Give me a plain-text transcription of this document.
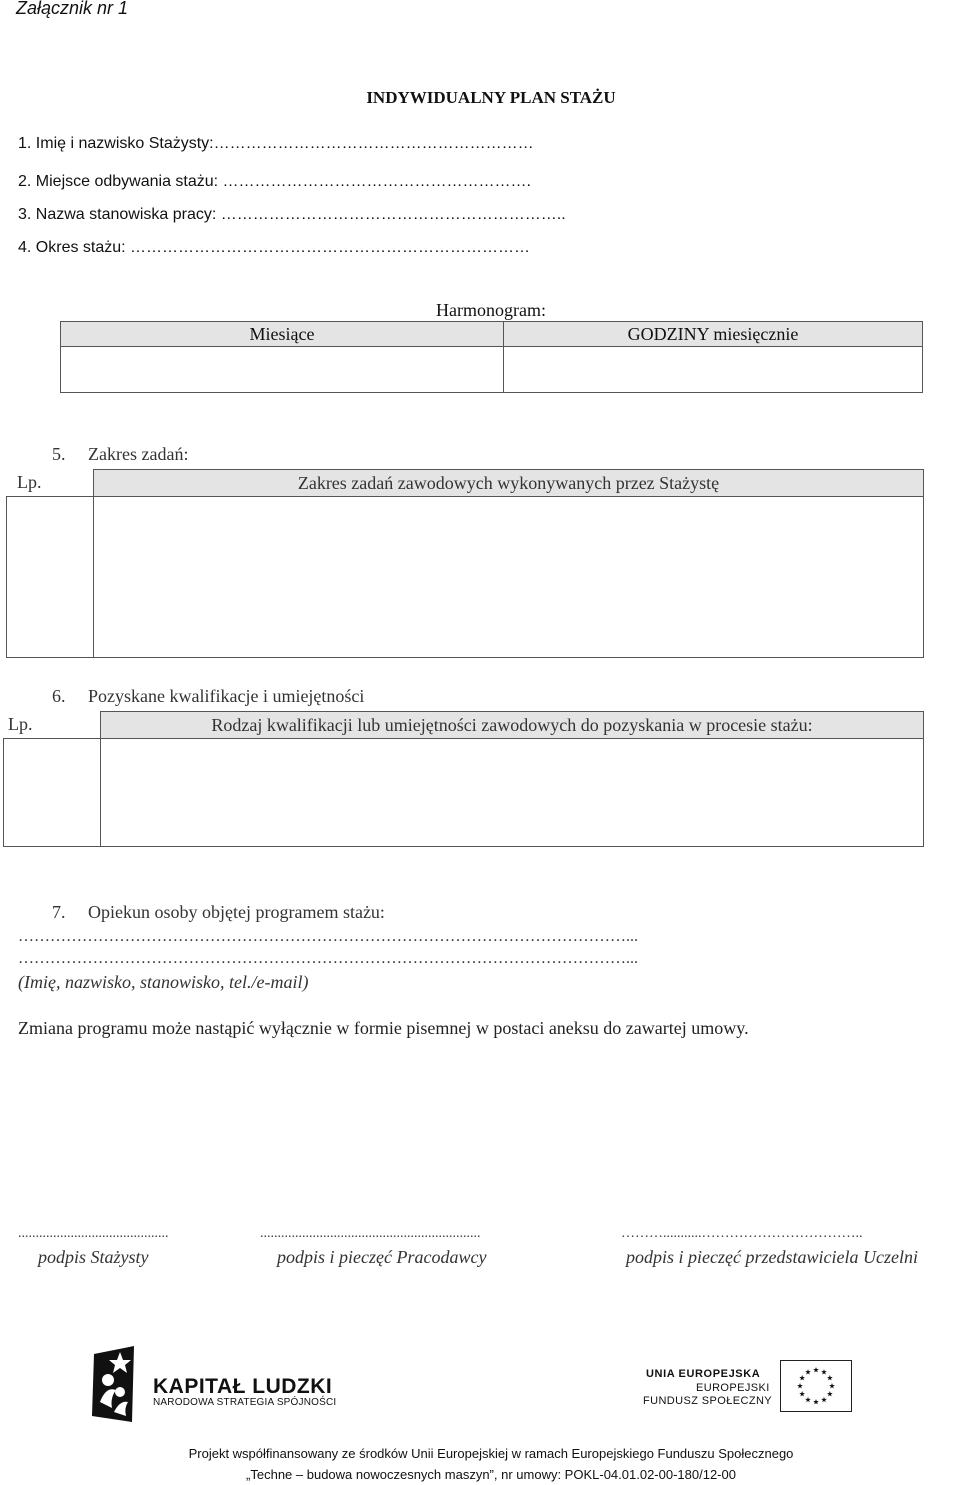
Załącznik nr 1
INDYWIDUALNY PLAN STAŻU
1. Imię i nazwisko Stażysty:……………………………………………………
2. Miejsce odbywania stażu: ………………………………………………….
3. Nazwa stanowiska pracy: ………………………………………………………..
4. Okres stażu: …………………………………………………………………
Harmonogram:
Miesiące	GODZINY miesięcznie
5. Zakres zadań:
Lp.	Zakres zadań zawodowych wykonywanych przez Stażystę
6. Pozyskane kwalifikacje i umiejętności
Lp.	Rodzaj kwalifikacji lub umiejętności zawodowych do pozyskania w procesie stażu:
7. Opiekun osoby objętej programem stażu:
……………………………………………………………………………………………………...
……………………………………………………………………………………………………...
(Imię, nazwisko, stanowisko, tel./e-mail)
Zmiana programu może nastąpić wyłącznie w formie pisemnej w postaci aneksu do zawartej umowy.
...........................................
podpis Stażysty
...............................................................
podpis i pieczęć Pracodawcy
………...........……………………………..
podpis i pieczęć przedstawiciela Uczelni
KAPITAŁ LUDZKI
NARODOWA STRATEGIA SPÓJNOŚCI
UNIA EUROPEJSKA
EUROPEJSKI
FUNDUSZ SPOŁECZNY
Projekt współfinansowany ze środków Unii Europejskiej w ramach Europejskiego Funduszu Społecznego
„Techne – budowa nowoczesnych maszyn”, nr umowy: POKL-04.01.02-00-180/12-00
